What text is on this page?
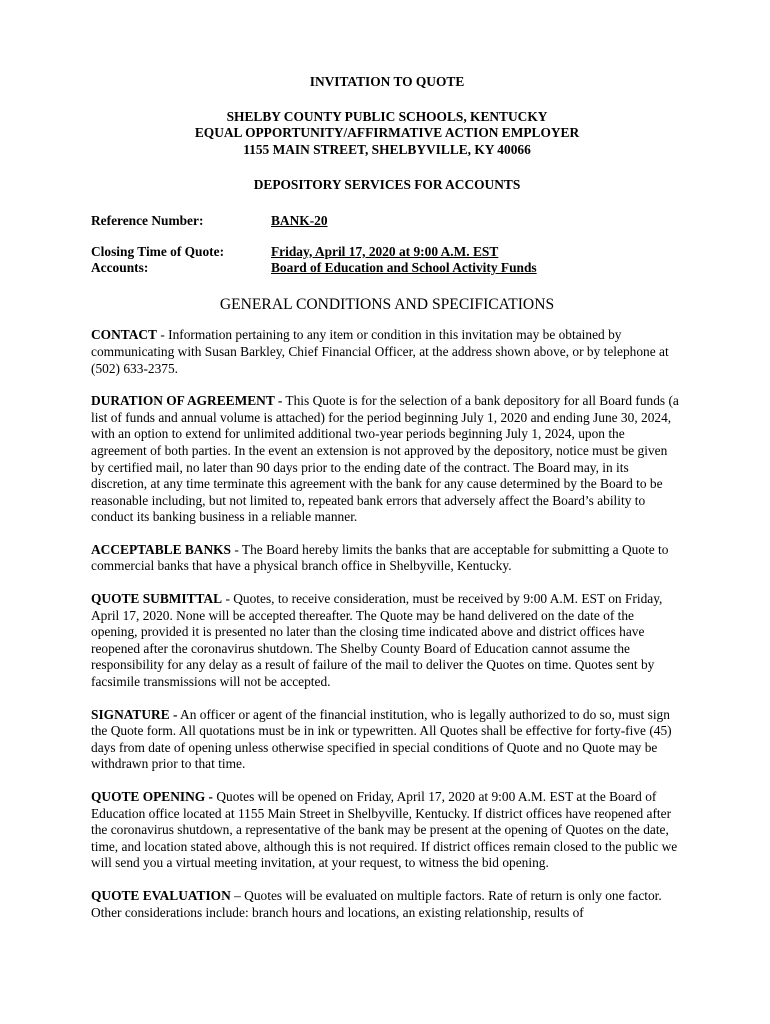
INVITATION TO QUOTE
SHELBY COUNTY PUBLIC SCHOOLS, KENTUCKY
EQUAL OPPORTUNITY/AFFIRMATIVE ACTION EMPLOYER
1155 MAIN STREET, SHELBYVILLE, KY 40066
DEPOSITORY SERVICES FOR ACCOUNTS
Reference Number:	BANK-20
Closing Time of Quote:	Friday, April 17, 2020 at 9:00 A.M. EST
Accounts:	Board of Education and School Activity Funds
GENERAL CONDITIONS AND SPECIFICATIONS

CONTACT - Information pertaining to any item or condition in this invitation may be obtained by communicating with Susan Barkley, Chief Financial Officer, at the address shown above, or by telephone at (502) 633-2375.

DURATION OF AGREEMENT - This Quote is for the selection of a bank depository for all Board funds (a list of funds and annual volume is attached) for the period beginning July 1, 2020 and ending June 30, 2024, with an option to extend for unlimited additional two-year periods beginning July 1, 2024, upon the agreement of both parties. In the event an extension is not approved by the depository, notice must be given by certified mail, no later than 90 days prior to the ending date of the contract. The Board may, in its discretion, at any time terminate this agreement with the bank for any cause determined by the Board to be reasonable including, but not limited to, repeated bank errors that adversely affect the Board’s ability to conduct its banking business in a reliable manner.

ACCEPTABLE BANKS - The Board hereby limits the banks that are acceptable for submitting a Quote to commercial banks that have a physical branch office in Shelbyville, Kentucky.

QUOTE SUBMITTAL - Quotes, to receive consideration, must be received by 9:00 A.M. EST on Friday, April 17, 2020. None will be accepted thereafter. The Quote may be hand delivered on the date of the opening, provided it is presented no later than the closing time indicated above and district offices have reopened after the coronavirus shutdown. The Shelby County Board of Education cannot assume the responsibility for any delay as a result of failure of the mail to deliver the Quotes on time. Quotes sent by facsimile transmissions will not be accepted.

SIGNATURE - An officer or agent of the financial institution, who is legally authorized to do so, must sign the Quote form. All quotations must be in ink or typewritten. All Quotes shall be effective for forty-five (45) days from date of opening unless otherwise specified in special conditions of Quote and no Quote may be withdrawn prior to that time.

QUOTE OPENING - Quotes will be opened on Friday, April 17, 2020 at 9:00 A.M. EST at the Board of Education office located at 1155 Main Street in Shelbyville, Kentucky. If district offices have reopened after the coronavirus shutdown, a representative of the bank may be present at the opening of Quotes on the date, time, and location stated above, although this is not required. If district offices remain closed to the public we will send you a virtual meeting invitation, at your request, to witness the bid opening.

QUOTE EVALUATION – Quotes will be evaluated on multiple factors. Rate of return is only one factor. Other considerations include: branch hours and locations, an existing relationship, results of
